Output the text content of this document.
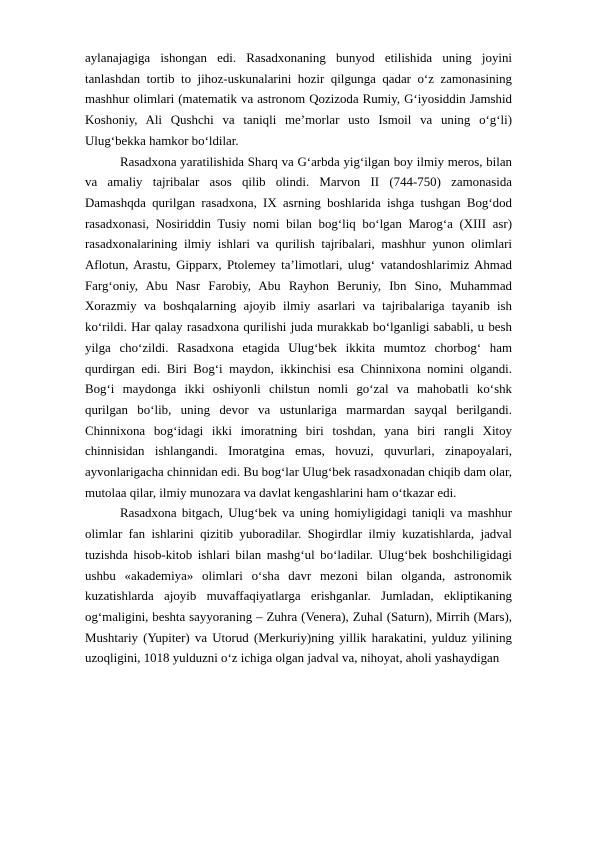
aylanajagiga ishongan edi. Rasadxonaning bunyod etilishida uning joyini tanlashdan tortib to jihoz-uskunalarini hozir qilgunga qadar o‘z zamonasining mashhur olimlari (matematik va astronom Qozizoda Rumiy, G‘iyosiddin Jamshid Koshoniy, Ali Qushchi va taniqli me’morlar usto Ismoil va uning o‘g‘li) Ulug‘bekka hamkor bo‘ldilar.

Rasadxona yaratilishida Sharq va G‘arbda yig‘ilgan boy ilmiy meros, bilan va amaliy tajribalar asos qilib olindi. Marvon II (744-750) zamonasida Damashqda qurilgan rasadxona, IX asrning boshlarida ishga tushgan Bog‘dod rasadxonasi, Nosiriddin Tusiy nomi bilan bog‘liq bo‘lgan Marog‘a (XIII asr) rasadxonalarining ilmiy ishlari va qurilish tajribalari, mashhur yunon olimlari Aflotun, Arastu, Gipparx, Ptolemey ta’limotlari, ulug‘ vatandoshlarimiz Ahmad Farg‘oniy, Abu Nasr Farobiy, Abu Rayhon Beruniy, Ibn Sino, Muhammad Xorazmiy va boshqalarning ajoyib ilmiy asarlari va tajribalariga tayanib ish ko‘rildi. Har qalay rasadxona qurilishi juda murakkab bo‘lganligi sababli, u besh yilga cho‘zildi. Rasadxona etagida Ulug‘bek ikkita mumtoz chorbog‘ ham qurdirgan edi. Biri Bog‘i maydon, ikkinchisi esa Chinnixona nomini olgandi. Bog‘i maydonga ikki oshiyonli chilstun nomli go‘zal va mahobatli ko‘shk qurilgan bo‘lib, uning devor va ustunlariga marmardan sayqal berilgandi. Chinnixona bog‘idagi ikki imoratning biri toshdan, yana biri rangli Xitoy chinnisidan ishlangandi. Imoratgina emas, hovuzi, quvurlari, zinapoyalari, ayvonlarigacha chinnidan edi. Bu bog‘lar Ulug‘bek rasadxonadan chiqib dam olar, mutolaa qilar, ilmiy munozara va davlat kengashlarini ham o‘tkazar edi.

Rasadxona bitgach, Ulug‘bek va uning homiyligidagi taniqli va mashhur olimlar fan ishlarini qizitib yuboradilar. Shogirdlar ilmiy kuzatishlarda, jadval tuzishda hisob-kitob ishlari bilan mashg‘ul bo‘ladilar. Ulug‘bek boshchiligidagi ushbu «akademiya» olimlari o‘sha davr mezoni bilan olganda, astronomik kuzatishlarda ajoyib muvaffaqiyatlarga erishganlar. Jumladan, ekliptikaning og‘maligini, beshta sayyoraning – Zuhra (Venera), Zuhal (Saturn), Mirrih (Mars), Mushtariy (Yupiter) va Utorud (Merkuriy)ning yillik harakatini, yulduz yilining uzoqligini, 1018 yulduzni o‘z ichiga olgan jadval va, nihoyat, aholi yashaydigan
